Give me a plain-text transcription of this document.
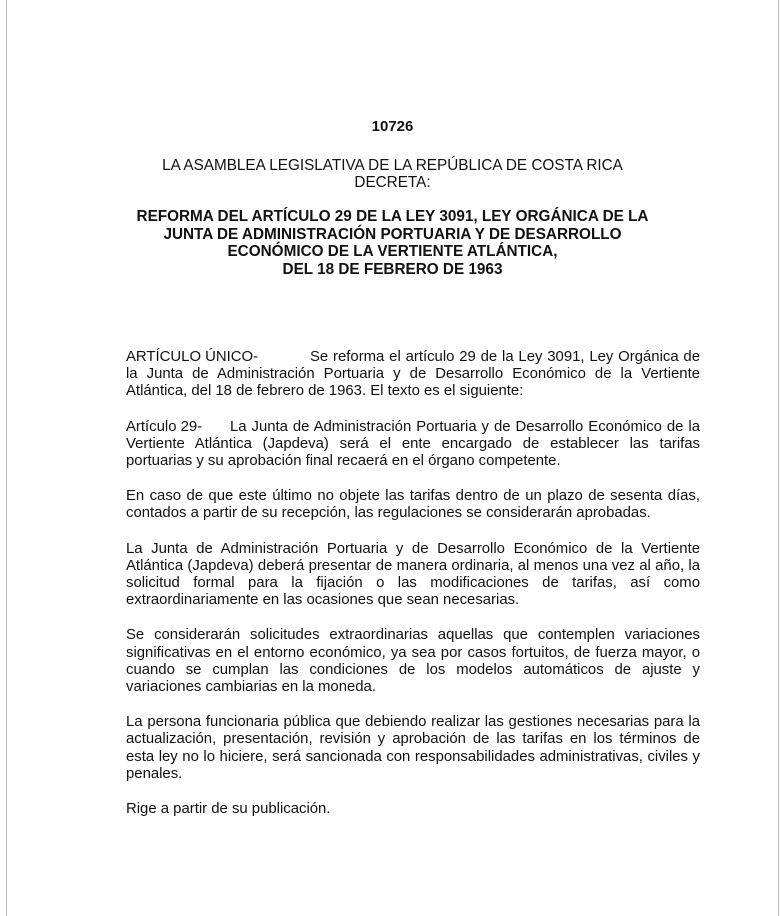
10726
LA ASAMBLEA LEGISLATIVA DE LA REPÚBLICA DE COSTA RICA
DECRETA:
REFORMA DEL ARTÍCULO 29 DE LA LEY 3091, LEY ORGÁNICA DE LA
JUNTA DE ADMINISTRACIÓN PORTUARIA Y DE DESARROLLO
ECONÓMICO DE LA VERTIENTE ATLÁNTICA,
DEL 18 DE FEBRERO DE 1963

ARTÍCULO ÚNICO-	Se reforma el artículo 29 de la Ley 3091, Ley Orgánica de la Junta de Administración Portuaria y de Desarrollo Económico de la Vertiente Atlántica, del 18 de febrero de 1963. El texto es el siguiente:

Artículo 29- La Junta de Administración Portuaria y de Desarrollo Económico de la Vertiente Atlántica (Japdeva) será el ente encargado de establecer las tarifas portuarias y su aprobación final recaerá en el órgano competente.

En caso de que este último no objete las tarifas dentro de un plazo de sesenta días, contados a partir de su recepción, las regulaciones se considerarán aprobadas.

La Junta de Administración Portuaria y de Desarrollo Económico de la Vertiente Atlántica (Japdeva) deberá presentar de manera ordinaria, al menos una vez al año, la solicitud formal para la fijación o las modificaciones de tarifas, así como extraordinariamente en las ocasiones que sean necesarias.

Se considerarán solicitudes extraordinarias aquellas que contemplen variaciones significativas en el entorno económico, ya sea por casos fortuitos, de fuerza mayor, o cuando se cumplan las condiciones de los modelos automáticos de ajuste y variaciones cambiarias en la moneda.

La persona funcionaria pública que debiendo realizar las gestiones necesarias para la actualización, presentación, revisión y aprobación de las tarifas en los términos de esta ley no lo hiciere, será sancionada con responsabilidades administrativas, civiles y penales.

Rige a partir de su publicación.
